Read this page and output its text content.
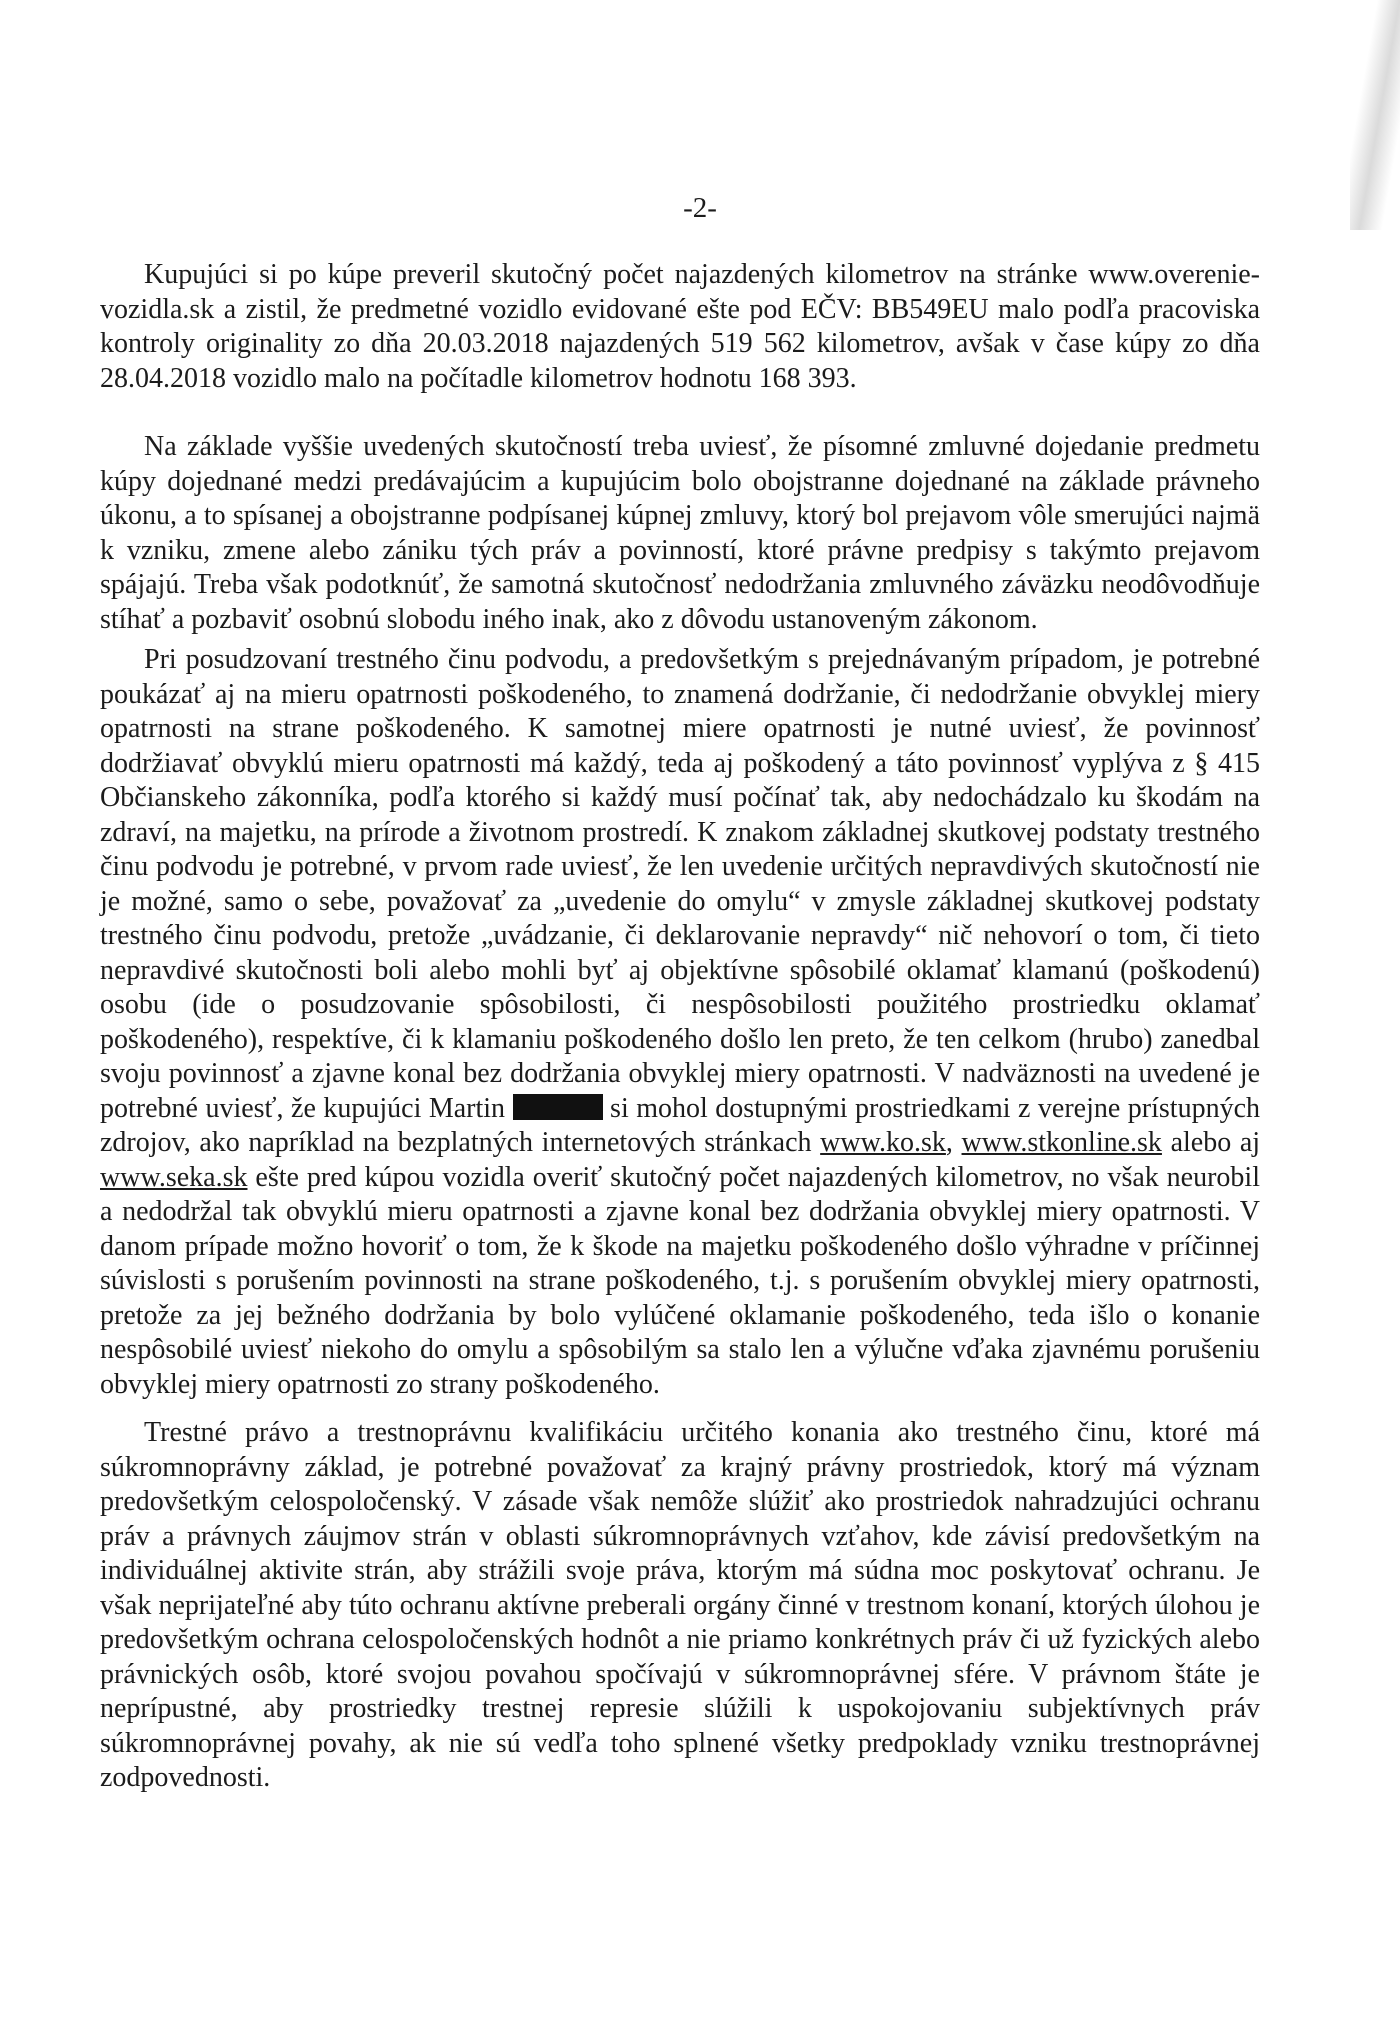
-2-

Kupujúci si po kúpe preveril skutočný počet najazdených kilometrov na stránke www.overenie-vozidla.sk a zistil, že predmetné vozidlo evidované ešte pod EČV: BB549EU malo podľa pracoviska kontroly originality zo dňa 20.03.2018 najazdených 519 562 kilometrov, avšak v čase kúpy zo dňa 28.04.2018 vozidlo malo na počítadle kilometrov hodnotu 168 393.

Na základe vyššie uvedených skutočností treba uviesť, že písomné zmluvné dojedanie predmetu kúpy dojednané medzi predávajúcim a kupujúcim bolo obojstranne dojednané na základe právneho úkonu, a to spísanej a obojstranne podpísanej kúpnej zmluvy, ktorý bol prejavom vôle smerujúci najmä k vzniku, zmene alebo zániku tých práv a povinností, ktoré právne predpisy s takýmto prejavom spájajú. Treba však podotknúť, že samotná skutočnosť nedodržania zmluvného záväzku neodôvodňuje stíhať a pozbaviť osobnú slobodu iného inak, ako z dôvodu ustanoveným zákonom.

Pri posudzovaní trestného činu podvodu, a predovšetkým s prejednávaným prípadom, je potrebné poukázať aj na mieru opatrnosti poškodeného, to znamená dodržanie, či nedodržanie obvyklej miery opatrnosti na strane poškodeného. K samotnej miere opatrnosti je nutné uviesť, že povinnosť dodržiavať obvyklú mieru opatrnosti má každý, teda aj poškodený a táto povinnosť vyplýva z § 415 Občianskeho zákonníka, podľa ktorého si každý musí počínať tak, aby nedochádzalo ku škodám na zdraví, na majetku, na prírode a životnom prostredí. K znakom základnej skutkovej podstaty trestného činu podvodu je potrebné, v prvom rade uviesť, že len uvedenie určitých nepravdivých skutočností nie je možné, samo o sebe, považovať za „uvedenie do omylu“ v zmysle základnej skutkovej podstaty trestného činu podvodu, pretože „uvádzanie, či deklarovanie nepravdy“ nič nehovorí o tom, či tieto nepravdivé skutočnosti boli alebo mohli byť aj objektívne spôsobilé oklamať klamanú (poškodenú) osobu (ide o posudzovanie spôsobilosti, či nespôsobilosti použitého prostriedku oklamať poškodeného), respektíve, či k klamaniu poškodeného došlo len preto, že ten celkom (hrubo) zanedbal svoju povinnosť a zjavne konal bez dodržania obvyklej miery opatrnosti. V nadväznosti na uvedené je potrebné uviesť, že kupujúci Martin	si mohol dostupnými prostriedkami z verejne prístupných zdrojov, ako napríklad na bezplatných internetových stránkach www.ko.sk, www.stkonline.sk alebo aj www.seka.sk ešte pred kúpou vozidla overiť skutočný počet najazdených kilometrov, no však neurobil a nedodržal tak obvyklú mieru opatrnosti a zjavne konal bez dodržania obvyklej miery opatrnosti. V danom prípade možno hovoriť o tom, že k škode na majetku poškodeného došlo výhradne v príčinnej súvislosti s porušením povinnosti na strane poškodeného, t.j. s porušením obvyklej miery opatrnosti, pretože za jej bežného dodržania by bolo vylúčené oklamanie poškodeného, teda išlo o konanie nespôsobilé uviesť niekoho do omylu a spôsobilým sa stalo len a výlučne vďaka zjavnému porušeniu obvyklej miery opatrnosti zo strany poškodeného.

Trestné právo a trestnoprávnu kvalifikáciu určitého konania ako trestného činu, ktoré má súkromnoprávny základ, je potrebné považovať za krajný právny prostriedok, ktorý má význam predovšetkým celospoločenský. V zásade však nemôže slúžiť ako prostriedok nahradzujúci ochranu práv a právnych záujmov strán v oblasti súkromnoprávnych vzťahov, kde závisí predovšetkým na individuálnej aktivite strán, aby strážili svoje práva, ktorým má súdna moc poskytovať ochranu. Je však neprijateľné aby túto ochranu aktívne preberali orgány činné v trestnom konaní, ktorých úlohou je predovšetkým ochrana celospoločenských hodnôt a nie priamo konkrétnych práv či už fyzických alebo právnických osôb, ktoré svojou povahou spočívajú v súkromnoprávnej sfére. V právnom štáte je neprípustné, aby prostriedky trestnej represie slúžili k uspokojovaniu subjektívnych práv súkromnoprávnej povahy, ak nie sú vedľa toho splnené všetky predpoklady vzniku trestnoprávnej zodpovednosti.
